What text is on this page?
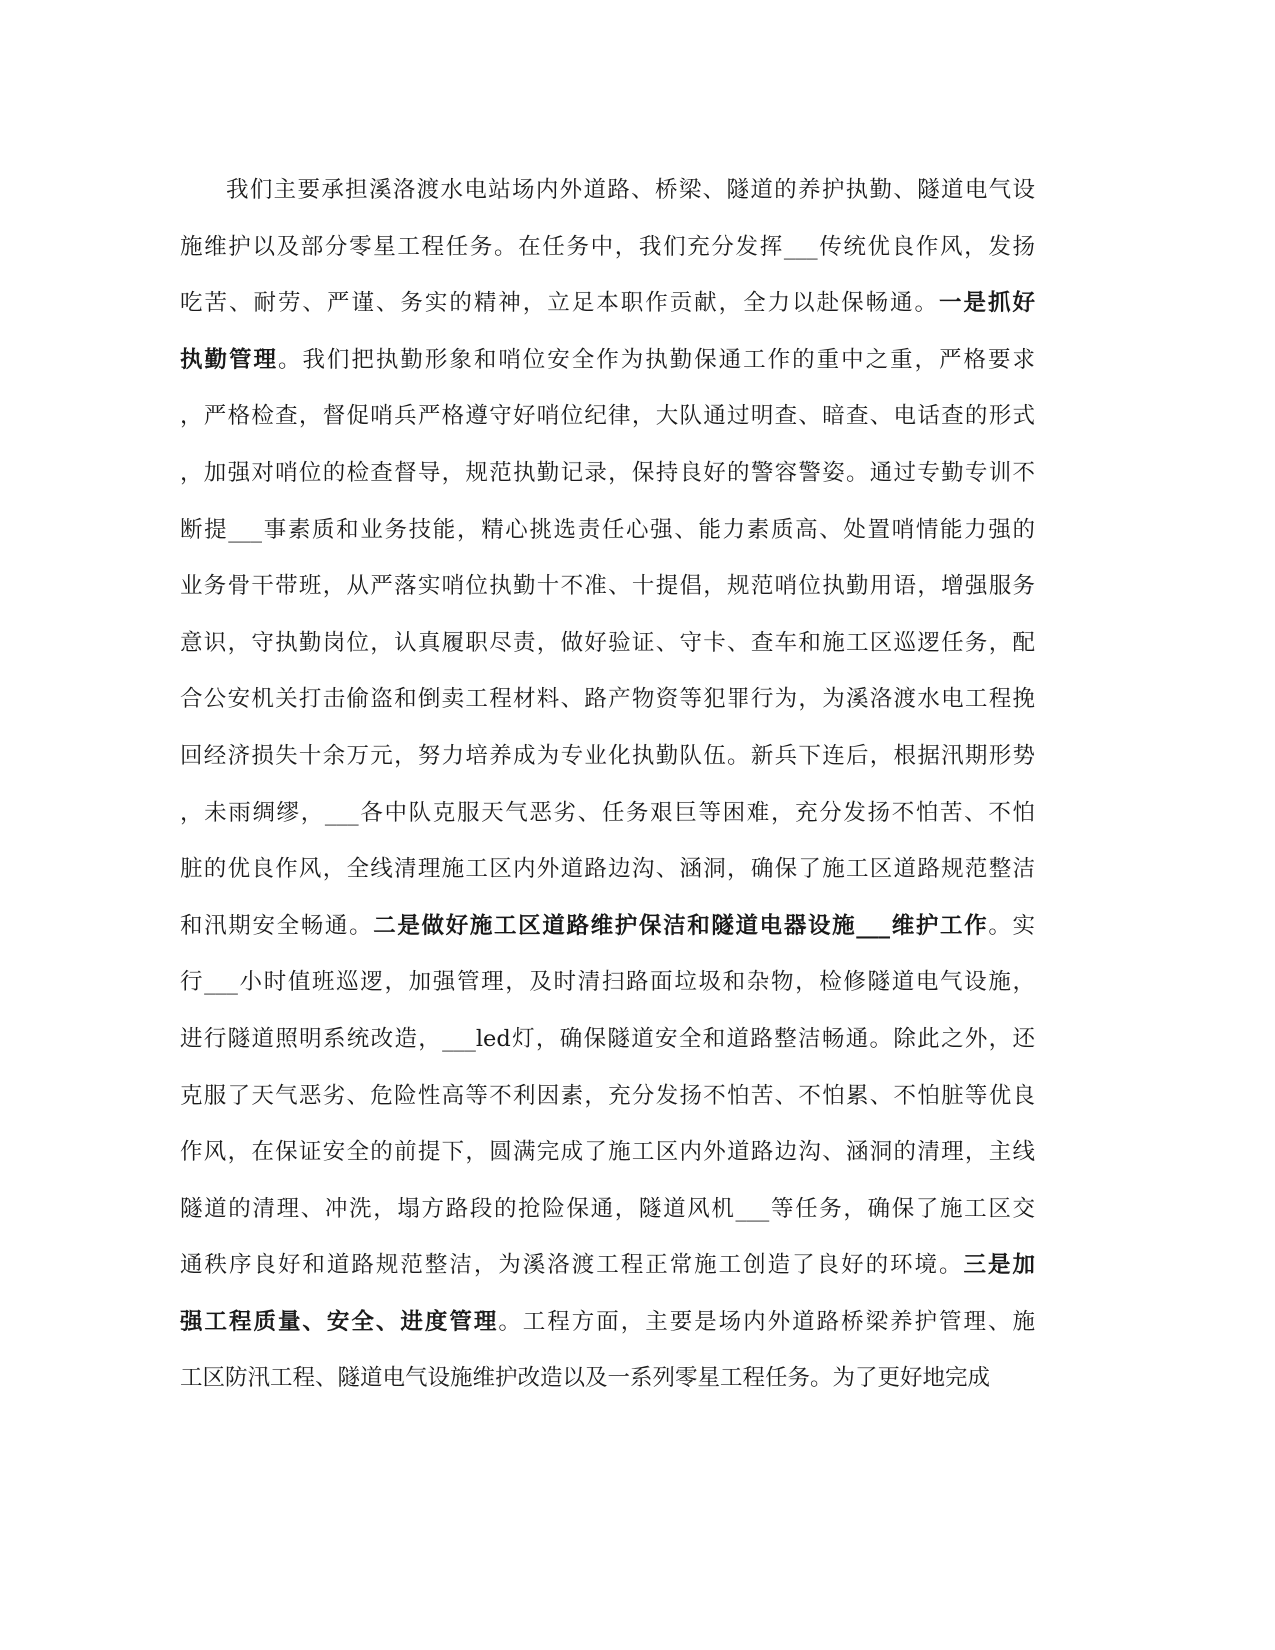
我们主要承担溪洛渡水电站场内外道路、桥梁、隧道的养护执勤、隧道电气设
施维护以及部分零星工程任务。在任务中，我们充分发挥___传统优良作风，发扬
吃苦、耐劳、严谨、务实的精神，立足本职作贡献，全力以赴保畅通。一是抓好
执勤管理。我们把执勤形象和哨位安全作为执勤保通工作的重中之重，严格要求
，严格检查，督促哨兵严格遵守好哨位纪律，大队通过明查、暗查、电话查的形式
，加强对哨位的检查督导，规范执勤记录，保持良好的警容警姿。通过专勤专训不
断提___事素质和业务技能，精心挑选责任心强、能力素质高、处置哨情能力强的
业务骨干带班，从严落实哨位执勤十不准、十提倡，规范哨位执勤用语，增强服务
意识，守执勤岗位，认真履职尽责，做好验证、守卡、查车和施工区巡逻任务，配
合公安机关打击偷盗和倒卖工程材料、路产物资等犯罪行为，为溪洛渡水电工程挽
回经济损失十余万元，努力培养成为专业化执勤队伍。新兵下连后，根据汛期形势
，未雨绸缪，___各中队克服天气恶劣、任务艰巨等困难，充分发扬不怕苦、不怕
脏的优良作风，全线清理施工区内外道路边沟、涵洞，确保了施工区道路规范整洁
和汛期安全畅通。二是做好施工区道路维护保洁和隧道电器设施___维护工作。实
行___小时值班巡逻，加强管理，及时清扫路面垃圾和杂物，检修隧道电气设施，
进行隧道照明系统改造，___led灯，确保隧道安全和道路整洁畅通。除此之外，还
克服了天气恶劣、危险性高等不利因素，充分发扬不怕苦、不怕累、不怕脏等优良
作风，在保证安全的前提下，圆满完成了施工区内外道路边沟、涵洞的清理，主线
隧道的清理、冲洗，塌方路段的抢险保通，隧道风机___等任务，确保了施工区交
通秩序良好和道路规范整洁，为溪洛渡工程正常施工创造了良好的环境。三是加
强工程质量、安全、进度管理。工程方面，主要是场内外道路桥梁养护管理、施
工区防汛工程、隧道电气设施维护改造以及一系列零星工程任务。为了更好地完成
